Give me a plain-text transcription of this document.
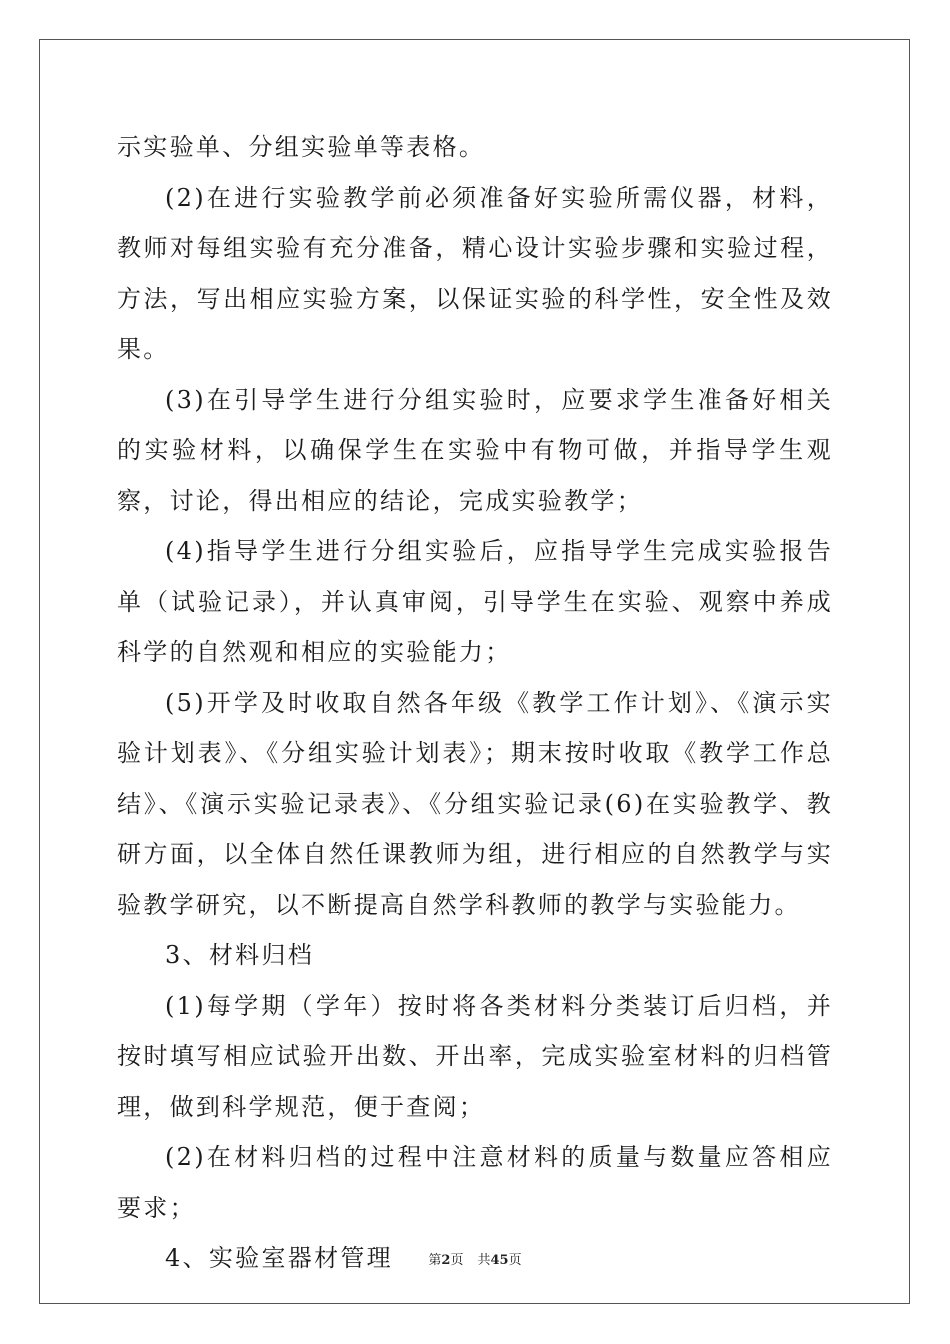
示实验单、分组实验单等表格。

(2)在进行实验教学前必须准备好实验所需仪器，材料，教师对每组实验有充分准备，精心设计实验步骤和实验过程，方法，写出相应实验方案，以保证实验的科学性，安全性及效果。

(3)在引导学生进行分组实验时，应要求学生准备好相关的实验材料，以确保学生在实验中有物可做，并指导学生观察，讨论，得出相应的结论，完成实验教学；

(4)指导学生进行分组实验后，应指导学生完成实验报告单（试验记录），并认真审阅，引导学生在实验、观察中养成科学的自然观和相应的实验能力；

(5)开学及时收取自然各年级《教学工作计划》、《演示实验计划表》、《分组实验计划表》；期末按时收取《教学工作总结》、《演示实验记录表》、《分组实验记录(6)在实验教学、教研方面，以全体自然任课教师为组，进行相应的自然教学与实验教学研究，以不断提高自然学科教师的教学与实验能力。

3、材料归档

(1)每学期（学年）按时将各类材料分类装订后归档，并按时填写相应试验开出数、开出率，完成实验室材料的归档管理，做到科学规范，便于查阅；

(2)在材料归档的过程中注意材料的质量与数量应答相应要求；

4、实验室器材管理	第2页 共45页
